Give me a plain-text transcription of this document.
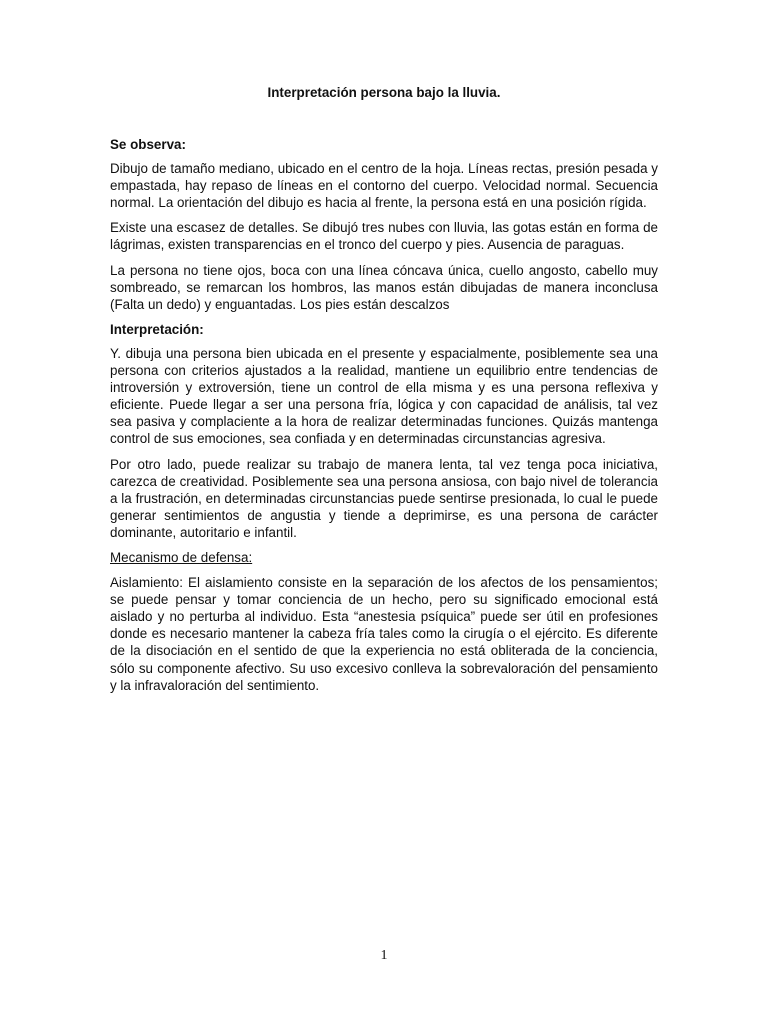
Interpretación persona bajo la lluvia.

Se observa:

Dibujo de tamaño mediano, ubicado en el centro de la hoja. Líneas rectas, presión pesada y empastada, hay repaso de líneas en el contorno del cuerpo. Velocidad normal. Secuencia normal. La orientación del dibujo es hacia al frente, la persona está en una posición rígida.

Existe una escasez de detalles. Se dibujó tres nubes con lluvia, las gotas están en forma de lágrimas, existen transparencias en el tronco del cuerpo y pies. Ausencia de paraguas.

La persona no tiene ojos, boca con una línea cóncava única, cuello angosto, cabello muy sombreado, se remarcan los hombros, las manos están dibujadas de manera inconclusa (Falta un dedo) y enguantadas. Los pies están descalzos

Interpretación:

Y. dibuja una persona bien ubicada en el presente y espacialmente, posiblemente sea una persona con criterios ajustados a la realidad, mantiene un equilibrio entre tendencias de introversión y extroversión, tiene un control de ella misma y es una persona reflexiva y eficiente. Puede llegar a ser una persona fría, lógica y con capacidad de análisis, tal vez sea pasiva y complaciente a la hora de realizar determinadas funciones. Quizás mantenga control de sus emociones, sea confiada y en determinadas circunstancias agresiva.

Por otro lado, puede realizar su trabajo de manera lenta, tal vez tenga poca iniciativa, carezca de creatividad. Posiblemente sea una persona ansiosa, con bajo nivel de tolerancia a la frustración, en determinadas circunstancias puede sentirse presionada, lo cual le puede generar sentimientos de angustia y tiende a deprimirse, es una persona de carácter dominante, autoritario e infantil.

Mecanismo de defensa:

Aislamiento: El aislamiento consiste en la separación de los afectos de los pensamientos; se puede pensar y tomar conciencia de un hecho, pero su significado emocional está aislado y no perturba al individuo. Esta “anestesia psíquica” puede ser útil en profesiones donde es necesario mantener la cabeza fría tales como la cirugía o el ejército. Es diferente de la disociación en el sentido de que la experiencia no está obliterada de la conciencia, sólo su componente afectivo. Su uso excesivo conlleva la sobrevaloración del pensamiento y la infravaloración del sentimiento.

1
